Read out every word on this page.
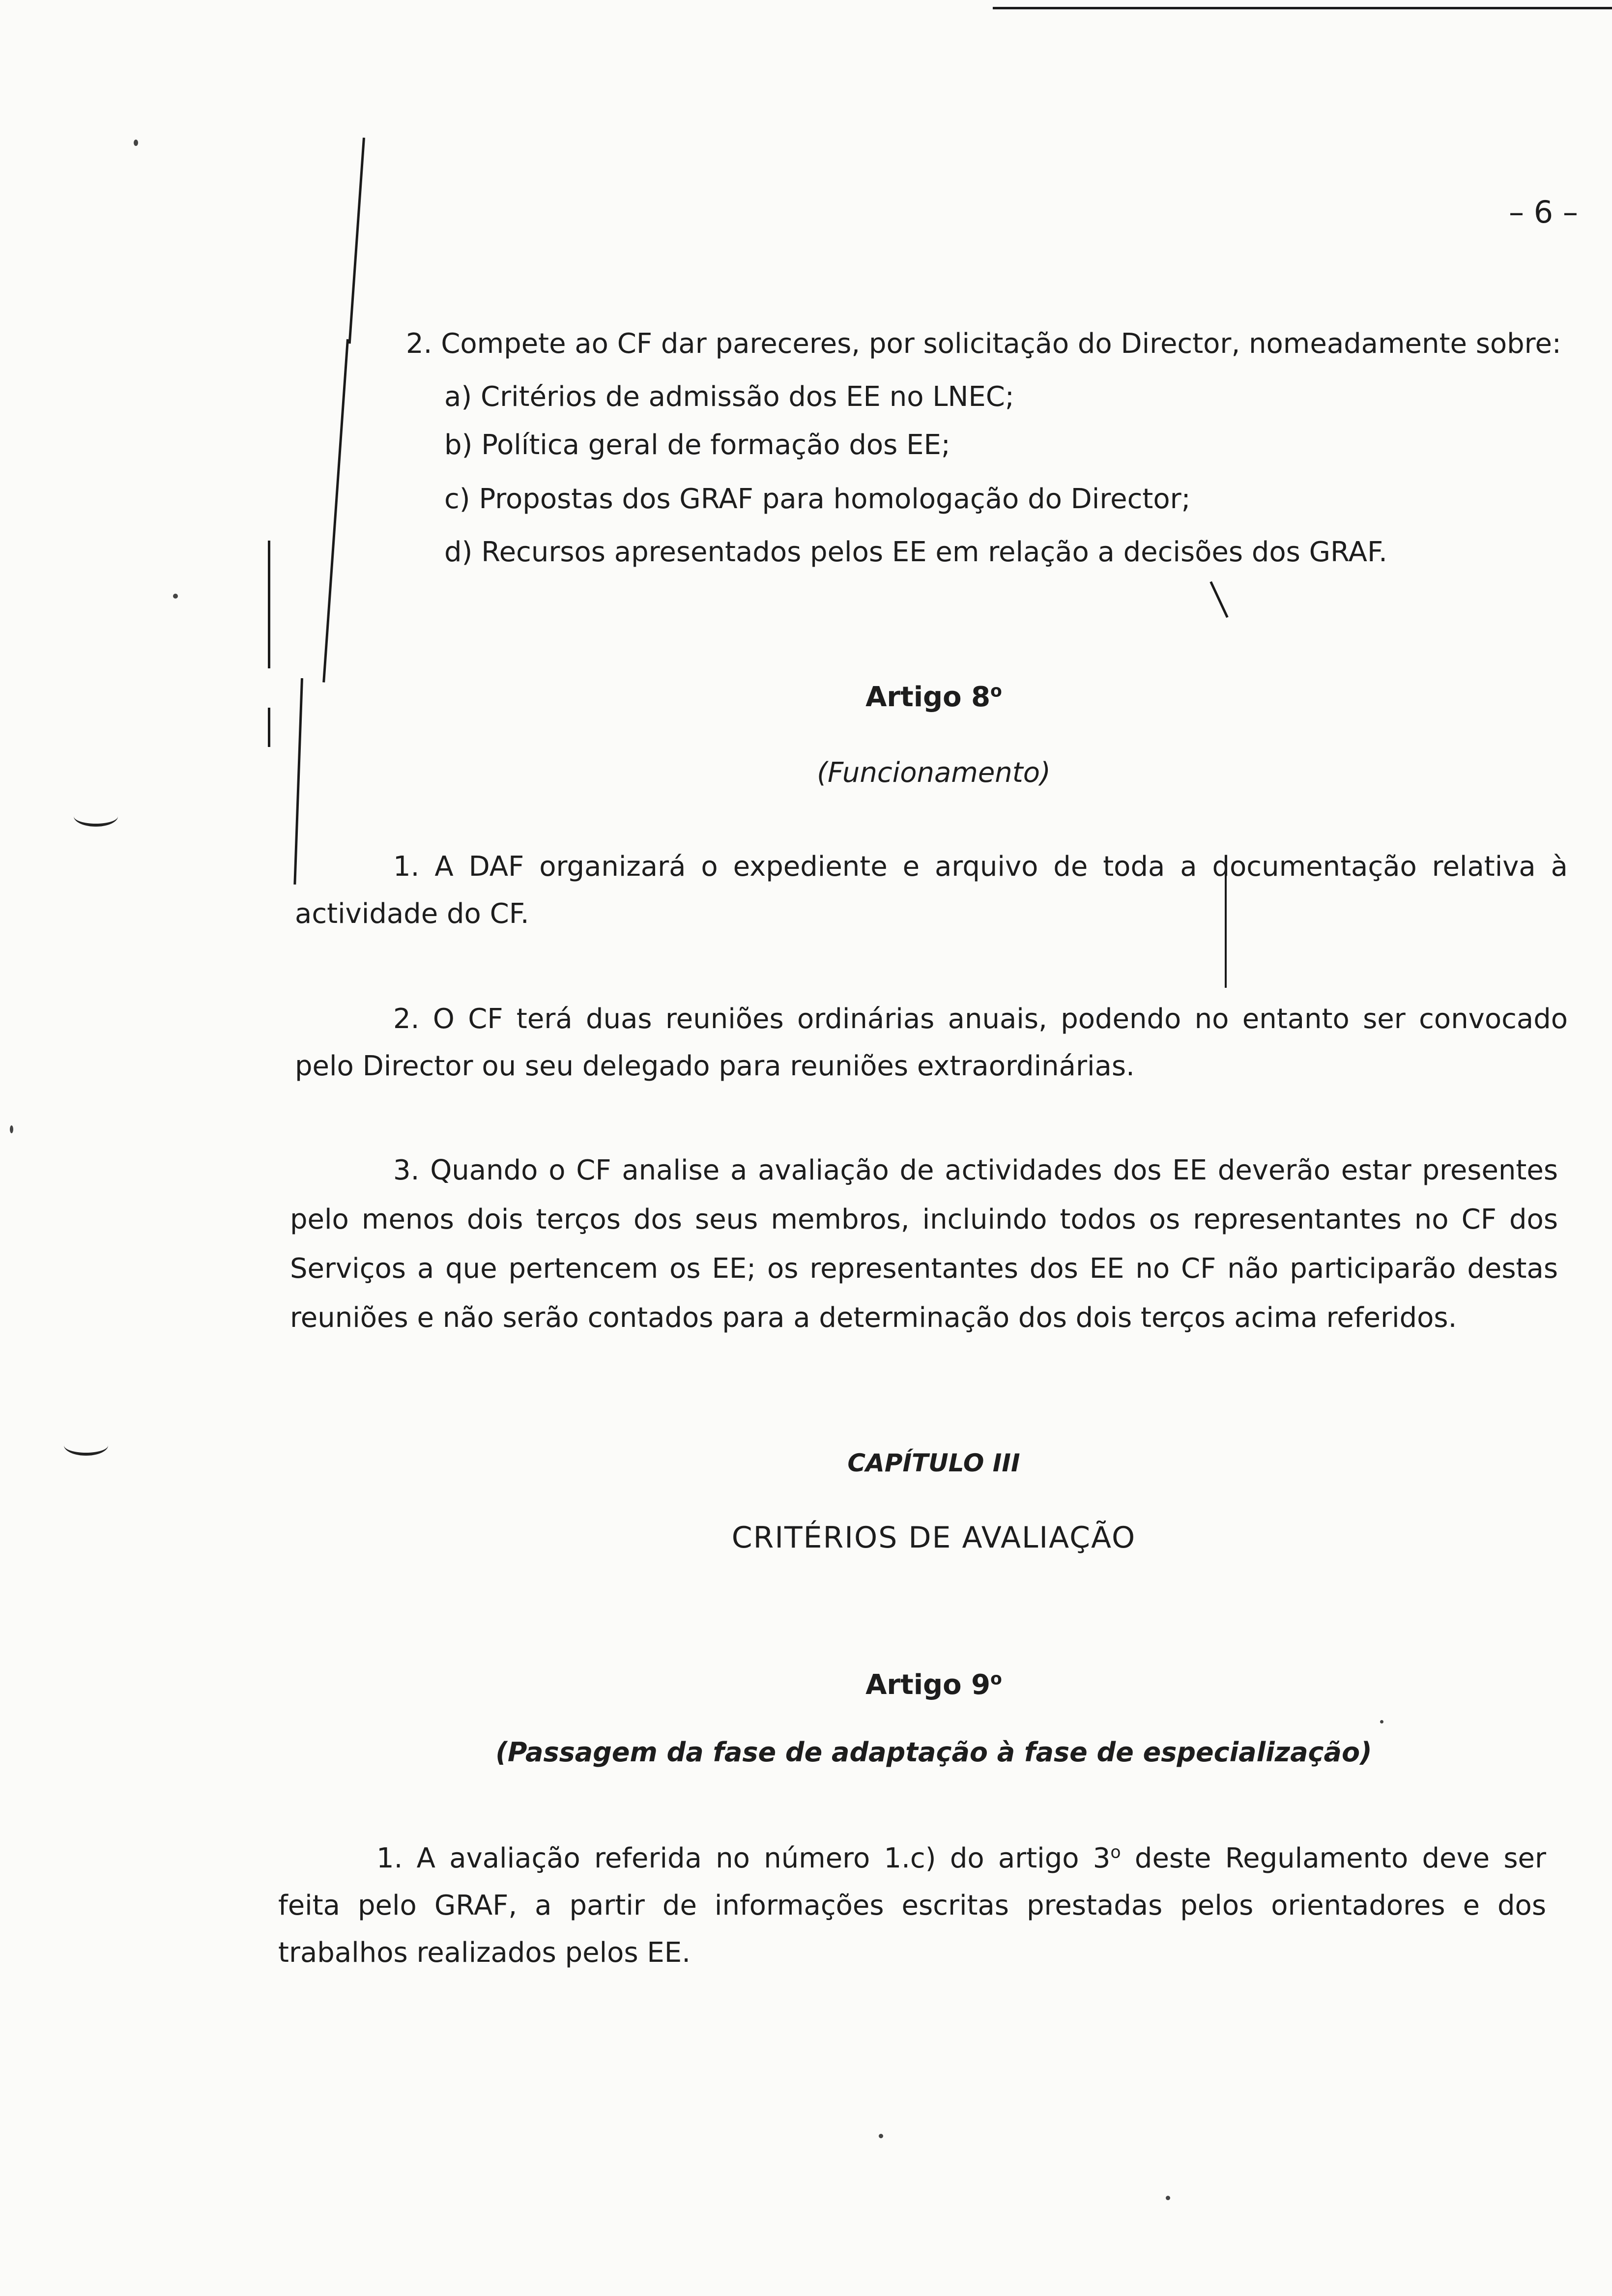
– 6 –
2. Compete ao CF dar pareceres, por solicitação do Director, nomeadamente sobre:
a) Critérios de admissão dos EE no LNEC;
b) Política geral de formação dos EE;
c) Propostas dos GRAF para homologação do Director;
d) Recursos apresentados pelos EE em relação a decisões dos GRAF.
Artigo 8$^o$
(Funcionamento)
1. A DAF organizará o expediente e arquivo de toda a documentação relativa à actividade do CF.
2. O CF terá duas reuniões ordinárias anuais, podendo no entanto ser convocado pelo Director ou seu delegado para reuniões extraordinárias.
3. Quando o CF analise a avaliação de actividades dos EE deverão estar presentes pelo menos dois terços dos seus membros, incluindo todos os representantes no CF dos Serviços a que pertencem os EE; os representantes dos EE no CF não participarão destas reuniões e não serão contados para a determinação dos dois terços acima referidos.
CAPÍTULO III
CRITÉRIOS DE AVALIAÇÃO
Artigo 9$^o$
(Passagem da fase de adaptação à fase de especialização)
1. A avaliação referida no número 1.c) do artigo 3$^o$ deste Regulamento deve ser feita pelo GRAF, a partir de informações escritas prestadas pelos orientadores e dos trabalhos realizados pelos EE.
